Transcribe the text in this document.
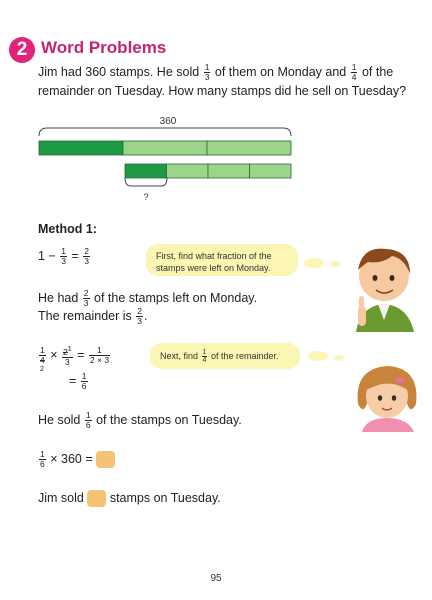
2 Word Problems
Jim had 360 stamps. He sold $\frac{1}{3}$ of them on Monday and $\frac{1}{4}$ of the
remainder on Tuesday. How many stamps did he sell on Tuesday?
360
?
Method 1:
$1 - \frac{1}{3} = \frac{2}{3}$	First, find what fraction of the stamps were left on Monday.
He had $\frac{2}{3}$ of the stamps left on Monday.
The remainder is $\frac{2}{3}$ .
$\frac{1}{4} \times \frac{2^1}{3} = \frac{1}{2 \times 3}$
2
= $\frac{1}{6}$
Next, find $\frac{1}{4}$ of the remainder.
He sold $\frac{1}{6}$ of the stamps on Tuesday.
$\frac{1}{6} \times 360$ =
Jim sold stamps on Tuesday.
95
